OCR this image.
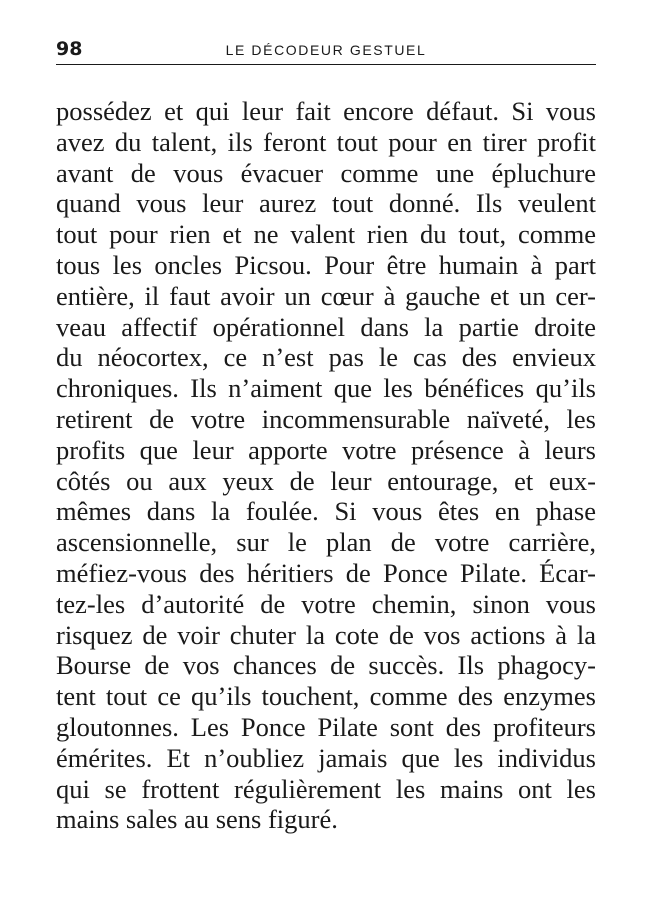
98	LE DÉCODEUR GESTUEL
possédez et qui leur fait encore défaut. Si vous
avez du talent, ils feront tout pour en tirer profit
avant de vous évacuer comme une épluchure
quand vous leur aurez tout donné. Ils veulent
tout pour rien et ne valent rien du tout, comme
tous les oncles Picsou. Pour être humain à part
entière, il faut avoir un cœur à gauche et un cer-
veau affectif opérationnel dans la partie droite
du néocortex, ce n’est pas le cas des envieux
chroniques. Ils n’aiment que les bénéfices qu’ils
retirent de votre incommensurable naïveté, les
profits que leur apporte votre présence à leurs
côtés ou aux yeux de leur entourage, et eux-
mêmes dans la foulée. Si vous êtes en phase
ascensionnelle, sur le plan de votre carrière,
méfiez-vous des héritiers de Ponce Pilate. Écar-
tez-les d’autorité de votre chemin, sinon vous
risquez de voir chuter la cote de vos actions à la
Bourse de vos chances de succès. Ils phagocy-
tent tout ce qu’ils touchent, comme des enzymes
gloutonnes. Les Ponce Pilate sont des profiteurs
émérites. Et n’oubliez jamais que les individus
qui se frottent régulièrement les mains ont les
mains sales au sens figuré.
